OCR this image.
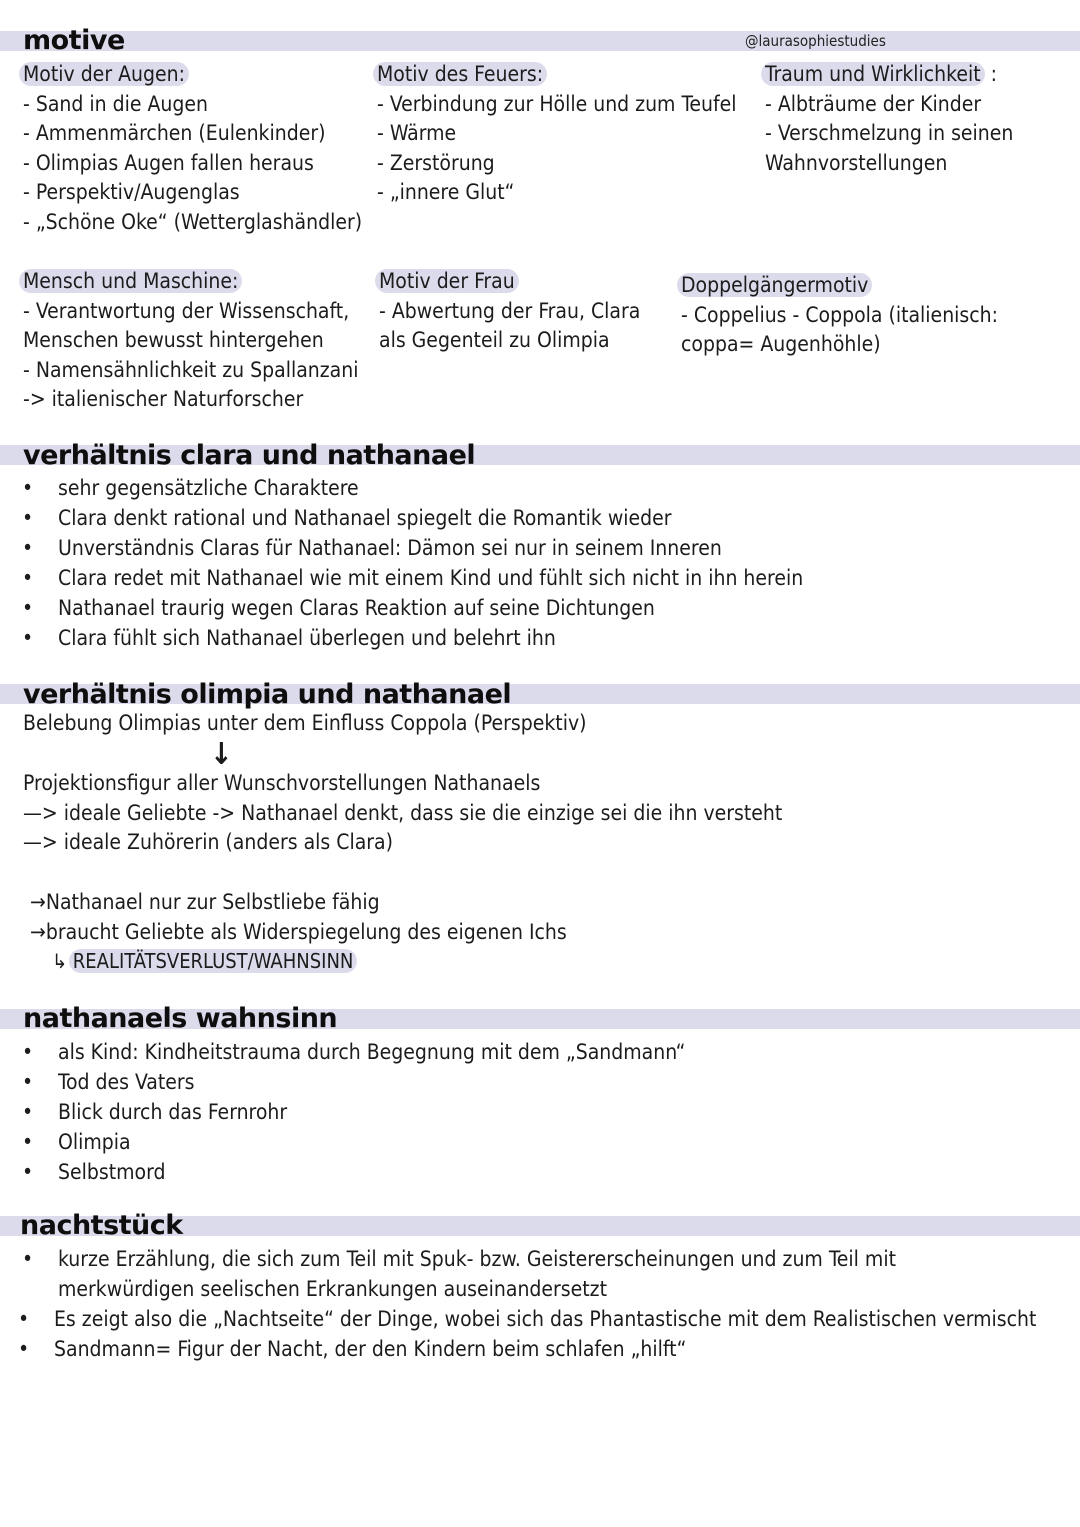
motive	@laurasophiestudies
Motiv der Augen:
- Sand in die Augen
- Ammenmärchen (Eulenkinder)
- Olimpias Augen fallen heraus
- Perspektiv/Augenglas
- „Schöne Oke“ (Wetterglashändler)
Motiv des Feuers:
- Verbindung zur Hölle und zum Teufel
- Wärme
- Zerstörung
- „innere Glut“
Traum und Wirklichkeit :
- Albträume der Kinder
- Verschmelzung in seinen
Wahnvorstellungen
Mensch und Maschine:
- Verantwortung der Wissenschaft,
Menschen bewusst hintergehen
- Namensähnlichkeit zu Spallanzani
-> italienischer Naturforscher
Motiv der Frau
- Abwertung der Frau, Clara
als Gegenteil zu Olimpia
Doppelgängermotiv
- Coppelius - Coppola (italienisch:
coppa= Augenhöhle)
verhältnis clara und nathanael
• sehr gegensätzliche Charaktere
• Clara denkt rational und Nathanael spiegelt die Romantik wieder
• Unverständnis Claras für Nathanael: Dämon sei nur in seinem Inneren
• Clara redet mit Nathanael wie mit einem Kind und fühlt sich nicht in ihn herein
• Nathanael traurig wegen Claras Reaktion auf seine Dichtungen
• Clara fühlt sich Nathanael überlegen und belehrt ihn
verhältnis olimpia und nathanael
Belebung Olimpias unter dem Einfluss Coppola (Perspektiv)
↓
Projektionsfigur aller Wunschvorstellungen Nathanaels
—> ideale Geliebte -> Nathanael denkt, dass sie die einzige sei die ihn versteht
—> ideale Zuhörerin (anders als Clara)
→Nathanael nur zur Selbstliebe fähig
→braucht Geliebte als Widerspiegelung des eigenen Ichs
↳ REALITÄTSVERLUST/WAHNSINN
nathanaels wahnsinn
• als Kind: Kindheitstrauma durch Begegnung mit dem „Sandmann“
• Tod des Vaters
• Blick durch das Fernrohr
• Olimpia
• Selbstmord
nachtstück
• kurze Erzählung, die sich zum Teil mit Spuk- bzw. Geistererscheinungen und zum Teil mit merkwürdigen seelischen Erkrankungen auseinandersetzt
• Es zeigt also die „Nachtseite“ der Dinge, wobei sich das Phantastische mit dem Realistischen vermischt
• Sandmann= Figur der Nacht, der den Kindern beim schlafen „hilft“
